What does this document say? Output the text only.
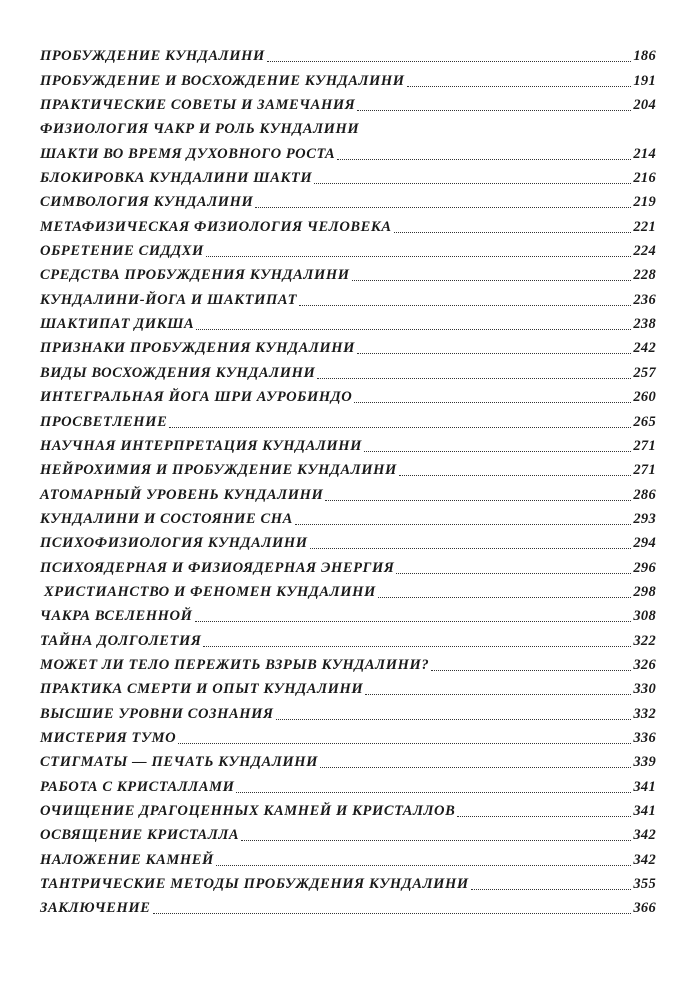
ПРОБУЖДЕНИЕ КУНДАЛИНИ	186
ПРОБУЖДЕНИЕ И ВОСХОЖДЕНИЕ КУНДАЛИНИ	191
ПРАКТИЧЕСКИЕ СОВЕТЫ И ЗАМЕЧАНИЯ	204
ФИЗИОЛОГИЯ ЧАКР И РОЛЬ КУНДАЛИНИ
ШАКТИ ВО ВРЕМЯ ДУХОВНОГО РОСТА	214
БЛОКИРОВКА КУНДАЛИНИ ШАКТИ	216
СИМВОЛОГИЯ КУНДАЛИНИ	219
МЕТАФИЗИЧЕСКАЯ ФИЗИОЛОГИЯ ЧЕЛОВЕКА	221
ОБРЕТЕНИЕ СИДДХИ	224
СРЕДСТВА ПРОБУЖДЕНИЯ КУНДАЛИНИ	228
КУНДАЛИНИ-ЙОГА И ШАКТИПАТ	236
ШАКТИПАТ ДИКША	238
ПРИЗНАКИ ПРОБУЖДЕНИЯ КУНДАЛИНИ	242
ВИДЫ ВОСХОЖДЕНИЯ КУНДАЛИНИ	257
ИНТЕГРАЛЬНАЯ ЙОГА ШРИ АУРОБИНДО	260
ПРОСВЕТЛЕНИЕ	265
НАУЧНАЯ ИНТЕРПРЕТАЦИЯ КУНДАЛИНИ	271
НЕЙРОХИМИЯ И ПРОБУЖДЕНИЕ КУНДАЛИНИ	271
АТОМАРНЫЙ УРОВЕНЬ КУНДАЛИНИ	286
КУНДАЛИНИ И СОСТОЯНИЕ СНА	293
ПСИХОФИЗИОЛОГИЯ КУНДАЛИНИ	294
ПСИХОЯДЕРНАЯ И ФИЗИОЯДЕРНАЯ ЭНЕРГИЯ	296
ХРИСТИАНСТВО И ФЕНОМЕН КУНДАЛИНИ	298
ЧАКРА ВСЕЛЕННОЙ	308
ТАЙНА ДОЛГОЛЕТИЯ	322
МОЖЕТ ЛИ ТЕЛО ПЕРЕЖИТЬ ВЗРЫВ КУНДАЛИНИ?	326
ПРАКТИКА СМЕРТИ И ОПЫТ КУНДАЛИНИ	330
ВЫСШИЕ УРОВНИ СОЗНАНИЯ	332
МИСТЕРИЯ ТУМО	336
СТИГМАТЫ — ПЕЧАТЬ КУНДАЛИНИ	339
РАБОТА С КРИСТАЛЛАМИ	341
ОЧИЩЕНИЕ ДРАГОЦЕННЫХ КАМНЕЙ И КРИСТАЛЛОВ	341
ОСВЯЩЕНИЕ КРИСТАЛЛА	342
НАЛОЖЕНИЕ КАМНЕЙ	342
ТАНТРИЧЕСКИЕ МЕТОДЫ ПРОБУЖДЕНИЯ КУНДАЛИНИ	355
ЗАКЛЮЧЕНИЕ	366
